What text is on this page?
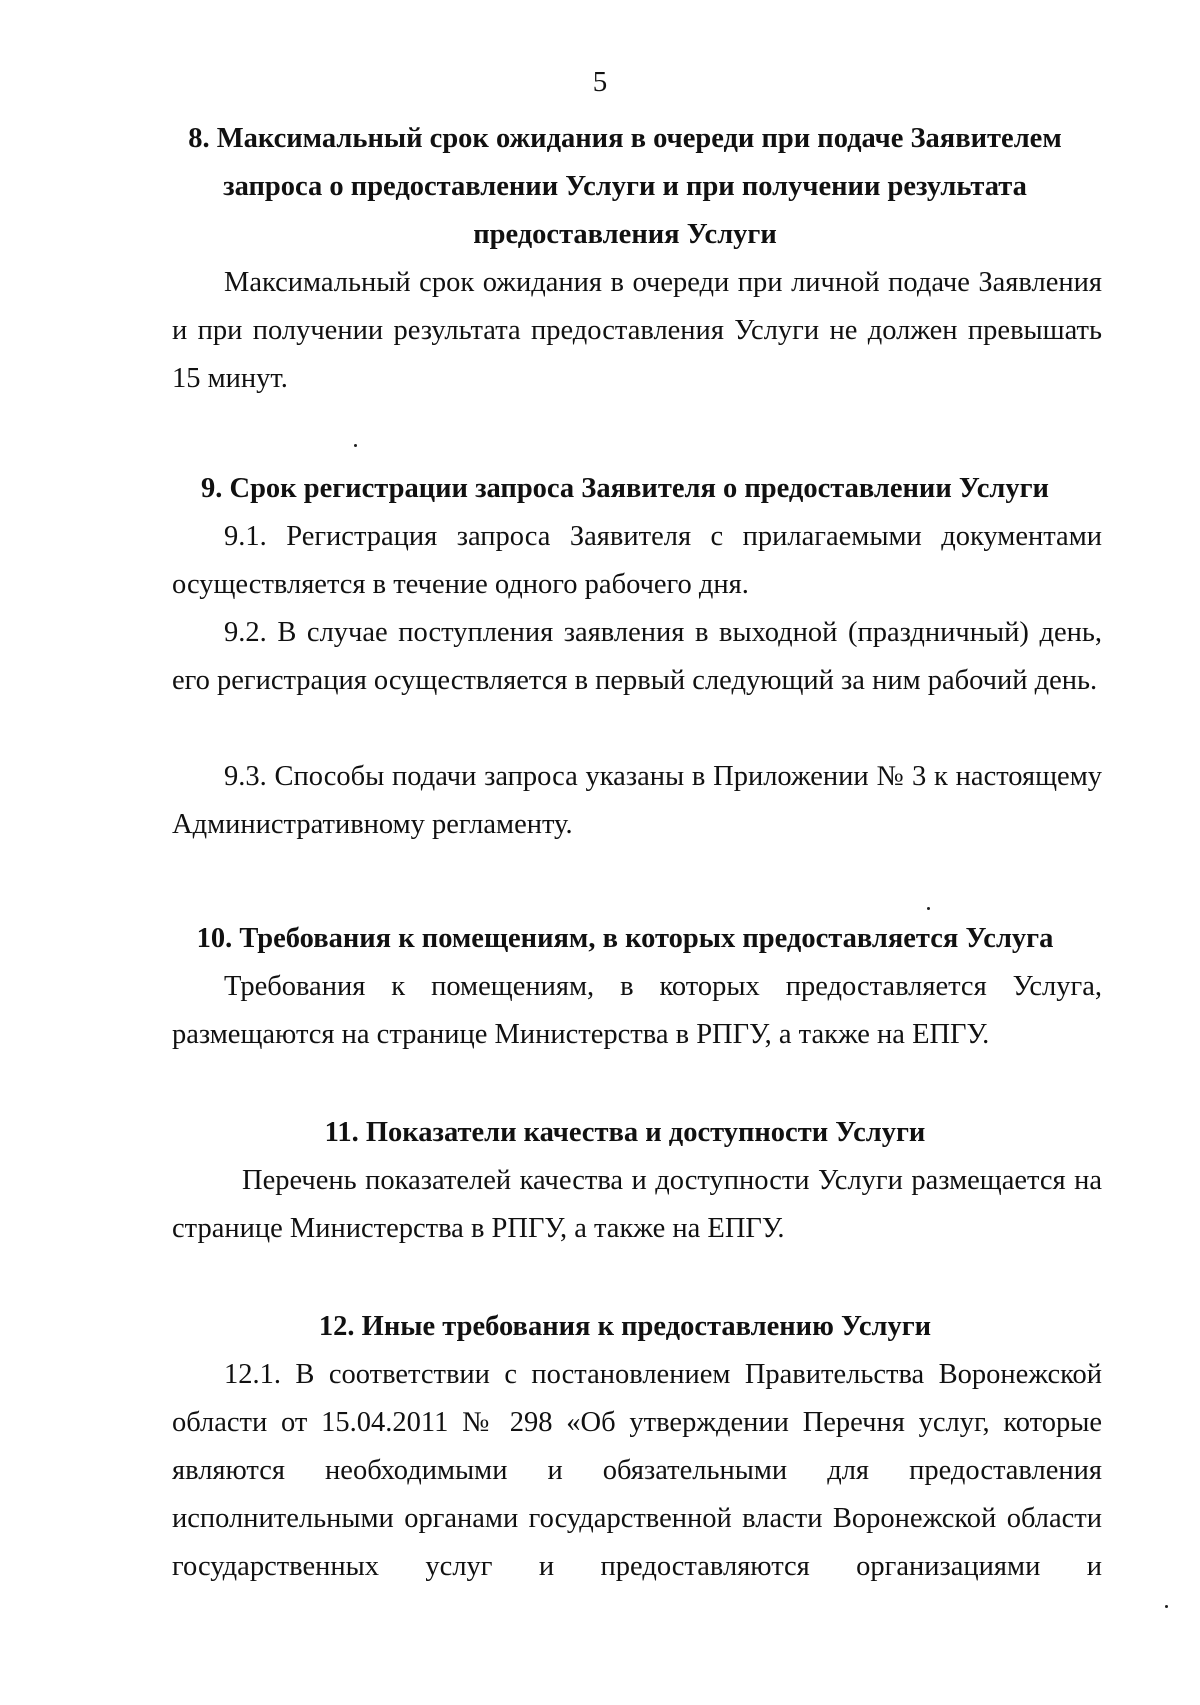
5
8. Максимальный срок ожидания в очереди при подаче Заявителем
запроса о предоставлении Услуги и при получении результата
предоставления Услуги

Максимальный срок ожидания в очереди при личной подаче Заявления и при получении результата предоставления Услуги не должен превышать 15 минут.

9. Срок регистрации запроса Заявителя о предоставлении Услуги

9.1. Регистрация запроса Заявителя с прилагаемыми документами осуществляется в течение одного рабочего дня.

9.2. В случае поступления заявления в выходной (праздничный) день, его регистрация осуществляется в первый следующий за ним рабочий день.

9.3. Способы подачи запроса указаны в Приложении № 3 к настоящему Административному регламенту.

10. Требования к помещениям, в которых предоставляется Услуга

Требования к помещениям, в которых предоставляется Услуга, размещаются на странице Министерства в РПГУ, а также на ЕПГУ.

11. Показатели качества и доступности Услуги

Перечень показателей качества и доступности Услуги размещается на странице Министерства в РПГУ, а также на ЕПГУ.

12. Иные требования к предоставлению Услуги

12.1. В соответствии с постановлением Правительства Воронежской области от 15.04.2011 № 298 «Об утверждении Перечня услуг, которые являются необходимыми и обязательными для предоставления исполнительными органами государственной власти Воронежской области государственных услуг и предоставляются организациями и
